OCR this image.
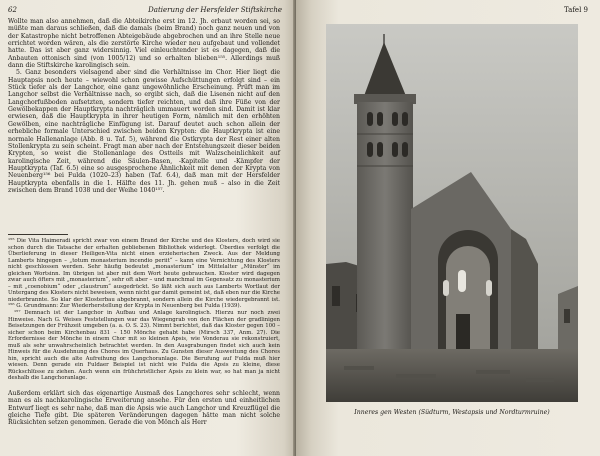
62	Datierung der Hersfelder Stiftskirche

Wollte man also annehmen, daß die Abteikirche erst im 12. Jh. erbaut worden sei, so müßte man daraus schließen, daß die damals (beim Brand) noch ganz neuen und von der Katastrophe nicht betroffenen Abteigebäude abgebrochen und an ihre Stelle neue errichtet worden wären, als die zerstörte Kirche wieder neu aufgebaut und vollendet hatte. Das ist aber ganz widersinnig. Viel einleuchtender ist es dagegen, daß die Anbauten ottonisch sind (von 1005/12) und so erhalten blieben¹⁵⁵. Allerdings muß dann die Stiftskirche karolingisch sein.

5. Ganz besonders vielsagend aber sind die Verhältnisse im Chor. Hier liegt die Hauptapsis noch heute – wiewohl schon gewisse Aufschüttungen erfolgt sind – ein Stück tiefer als der Langchor, eine ganz ungewöhnliche Erscheinung. Prüft man im Langchor selbst die Verhältnisse nach, so ergibt sich, daß die Lisenen nicht auf den Langchorfußboden aufsetzten, sondern tiefer reichten, und daß ihre Füße von der Gewölbekappen der Hauptkrypta nachträglich ummauert worden sind. Damit ist klar erwiesen, daß die Hauptkrypta in ihrer heutigen Form, nämlich mit den erhöhten Gewölben, eine nachträgliche Einfügung ist. Darauf deutet auch schon allein der erhebliche formale Unterschied zwischen beiden Krypten: die Hauptkrypta ist eine normale Hallenanlage (Abb. 8 u. Taf. 5), während die Ostkrypta der Rest einer alten Stollenkrypta zu sein scheint. Fragt man aber nach der Entstehungszeit dieser beiden Krypten, so weist die Stollenanlage des Ostteils mit Walzscheinlichkeit auf karolingische Zeit, während die Säulen-Basen, -Kapitelle und -Kämpfer der Hauptkrypta (Taf. 6.5) eine so ausgesprochene Ähnlichkeit mit denen der Krypta von Neuenberg¹⁵⁶ bei Fulda (1020–23) haben (Taf. 6.4), daß man mit der Hersfelder Hauptkrypta ebenfalls in die 1. Hälfte des 11. Jh. gehen muß – also in die Zeit zwischen dem Brand 1038 und der Weihe 1040¹⁵⁷.

¹⁵⁵ Die Vita Haimeradi spricht zwar von einem Brand der Kirche und des Klosters, doch wird sie schon durch die Tatsache der erhalten gebliebenen Bibliothek widerlegt. Überdies verfolgt die Überlieferung in dieser Heiligen-Vita nicht einen erzieherischen Zweck. Aus der Meldung Lamberts hingegen – „totum monasterium incendio periit“ – kann eine Vernichtung des Klosters nicht geschlossen werden. Sehr häufig bedeutet „monasterium“ im Mittelalter „Münster“ im gleichen Wortsinn. Im übrigen ist aber mit dem Wort heute gebrauchen. Kloster wird dagegen zwar auch öfters mit „monasterium“, sehr oft aber – und manchmal im Gegensatz zu monasterium – mit „coenobium“ oder „claustrum“ ausgedrückt. So läßt sich auch aus Lamberts Wortlaut der Untergang des Klosters nicht beweisen, wenn nicht gar damit gemeint ist, daß eben nur die Kirche niederbrannte. So klar der Klosterbau abgebrannt, sondern allein die Kirche wiedergebrannt ist. ¹⁵⁶ G. Grundmann: Zur Wiederherstellung der Krypta in Neuenberg bei Fulda (1939).

¹⁵⁷ Demnach ist der Langchor in Aufbau und Anlage karolingisch. Hierzu nur noch zwei Hinweise. Nach G. Weises Feststellungen war das Wiegengrab von den Flächen der gradlinigen Beisetzungen der Frühzeit umgeben (a. a. O. S. 23). Nimmt berichtet, daß das Kloster gegen 100 – sicher schon beim Kirchenbau 831 – 150 Mönche gehabt habe (Mirsch 337, Anm. 27). Die Erfordernisse der Mönche in einem Chor mit so kleinen Apsis, wie Vonderau sie rekonstruiert, muß als sehr unwahrscheinlich betrachtet werden. In den Ausgrabungen findet sich auch kein Hinweis für die Ausdehnung des Chores im Querhaus. Zu Gunsten dieser Ausweitung des Chores hin, spricht auch die alte Aufreihung des Langchoranlage. Die Berufung auf Fulda muß hier wiesen. Denn gerade ein Fuldaer Beispiel ist nicht wie Fulda die Apsis zu kleine, diese Rückschlüsse zu ziehen. Auch wenn ein frühchristlicher Apsis zu klein war, so hat man ja nicht deshalb die Langchoranlage.

Außerdem erklärt sich das eigenartige Ausmaß des Langchores sehr schlecht, wenn man es als nachkarolingische Erweiterung ansehe. Für den ersten und einheitlichen Entwurf liegt es sehr nahe, daß man die Apsis wie auch Langchor und Kreuzflügel die gleiche Tiefe gibt. Die späteren Veränderungen dagegen hätte man nicht solche Rücksichten setzen genommen. Gerade die von Mönch als Herr

Tafel 9
Inneres gen Westen (Südturm, Westapsis und Nordturmruine)
